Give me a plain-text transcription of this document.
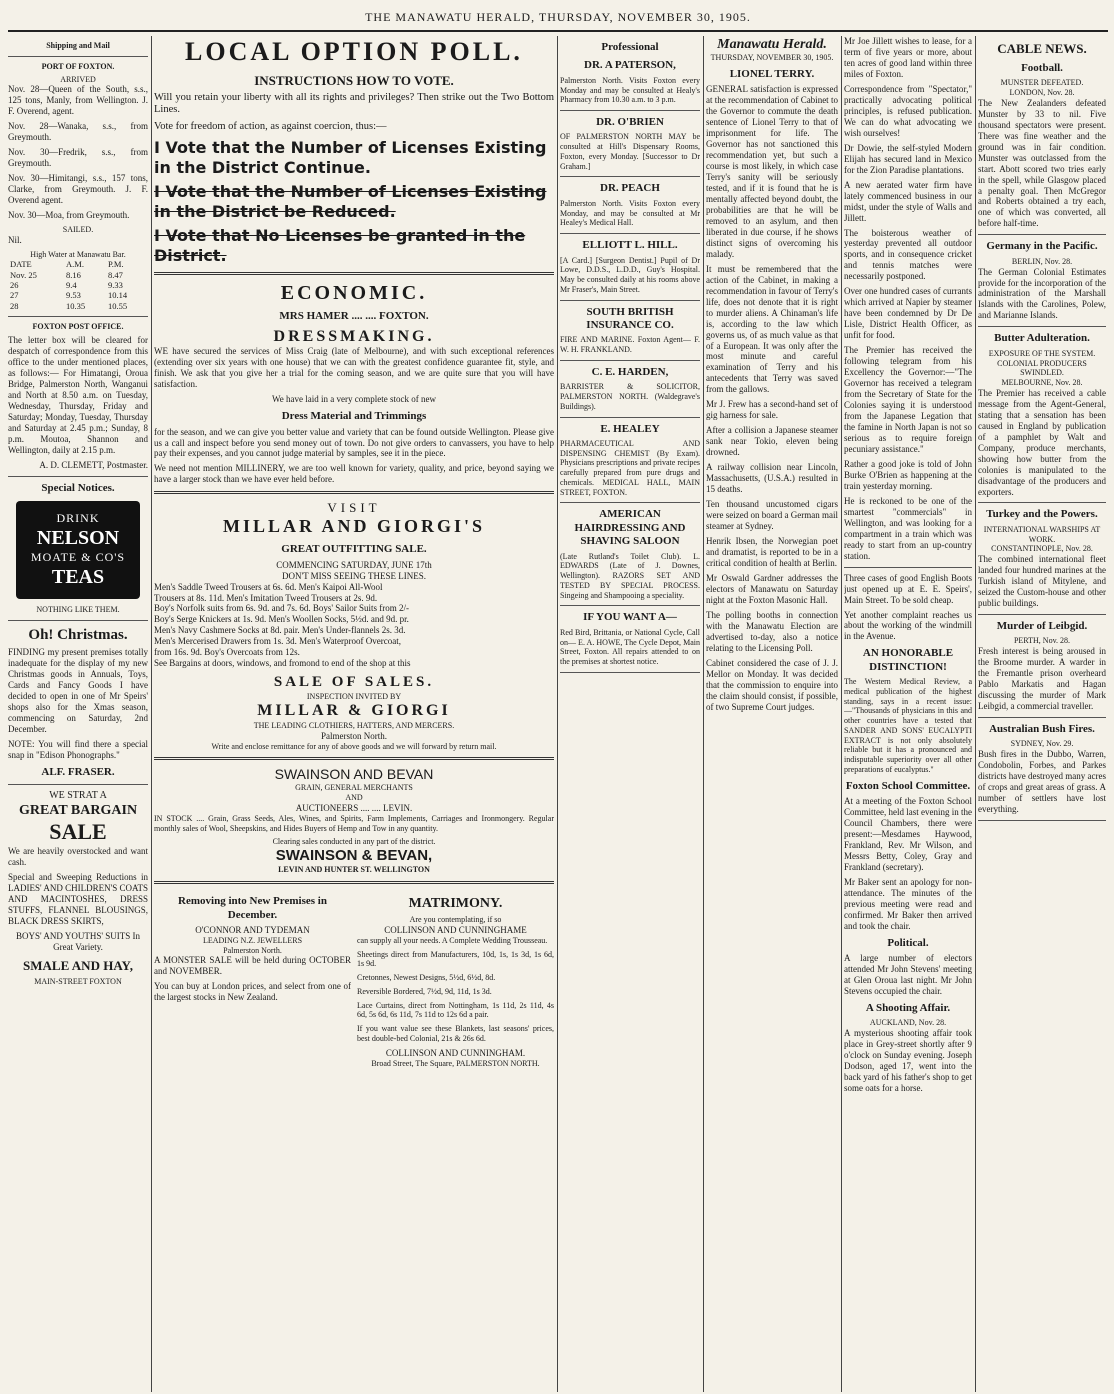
THE MANAWATU HERALD, THURSDAY, NOVEMBER 30, 1905.
Shipping and Mail
PORT OF FOXTON.
ARRIVED

Nov. 28—Queen of the South, s.s., 125 tons, Manly, from Wellington. J. F. Overend, agent.

Nov. 28—Wanaka, s.s., from Greymouth.

Nov. 30—Fredrik, s.s., from Greymouth.

Nov. 30—Himitangi, s.s., 157 tons, Clarke, from Greymouth. J. F. Overend agent.

Nov. 30—Moa, from Greymouth.

SAILED.

Nil.

High Water at Manawatu Bar.
DATE	A.M.	P.M.
Nov. 25	8.16	8.47
26	9.4	9.33
27	9.53	10.14
28	10.35	10.55
FOXTON POST OFFICE.

The letter box will be cleared for despatch of correspondence from this office to the under mentioned places, as follows:— For Himatangi, Oroua Bridge, Palmerston North, Wanganui and North at 8.50 a.m. on Tuesday, Wednesday, Thursday, Friday and Saturday; Monday, Tuesday, Thursday and Saturday at 2.45 p.m.; Sunday, 8 p.m. Moutoa, Shannon and Wellington, daily at 2.15 p.m.

A. D. CLEMETT, Postmaster.

Special Notices.
DRINK
NELSON
MOATE & CO'S
TEAS
NOTHING LIKE THEM.
Oh! Christmas.

FINDING my present premises totally inadequate for the display of my new Christmas goods in Annuals, Toys, Cards and Fancy Goods I have decided to open in one of Mr Speirs' shops also for the Xmas season, commencing on Saturday, 2nd December.

NOTE: You will find there a special snap in "Edison Phonographs."

ALF. FRASER.
WE STRAT A
GREAT BARGAIN
SALE

We are heavily overstocked and want cash.

Special and Sweeping Reductions in LADIES' AND CHILDREN'S COATS AND MACINTOSHES, DRESS STUFFS, FLANNEL BLOUSINGS, BLACK DRESS SKIRTS,

BOYS' AND YOUTHS' SUITS In Great Variety.

SMALE AND HAY,
MAIN-STREET FOXTON
LOCAL OPTION POLL.
INSTRUCTIONS HOW TO VOTE.

Will you retain your liberty with all its rights and privileges? Then strike out the Two Bottom Lines.

Vote for freedom of action, as against coercion, thus:—

I Vote that the Number of Licenses Existing in the District Continue.
I Vote that the Number of Licenses Existing in the District be Reduced.
I Vote that No Licenses be granted in the District.
ECONOMIC.
MRS HAMER .... .... FOXTON.
DRESSMAKING.

WE have secured the services of Miss Craig (late of Melbourne), and with such exceptional references (extending over six years with one house) that we can with the greatest confidence guarantee fit, style, and finish. We ask that you give her a trial for the coming season, and we are quite sure that you will have satisfaction.

We have laid in a very complete stock of new

Dress Material and Trimmings

for the season, and we can give you better value and variety that can be found outside Wellington. Please give us a call and inspect before you send money out of town. Do not give orders to canvassers, you have to help pay their expenses, and you cannot judge material by samples, see it in the piece.

We need not mention MILLINERY, we are too well known for variety, quality, and price, beyond saying we have a larger stock than we have ever held before.

VISIT
MILLAR AND GIORGI'S
GREAT OUTFITTING SALE.
COMMENCING SATURDAY, JUNE 17th
DON'T MISS SEEING THESE LINES.
Men's Saddle Tweed Trousers at 6s. 6d. Men's Kaipoi All-Wool
Trousers at 8s. 11d. Men's Imitation Tweed Trousers at 2s. 9d.
Boy's Norfolk suits from 6s. 9d. and 7s. 6d. Boys' Sailor Suits from 2/-
Boy's Serge Knickers at 1s. 9d. Men's Woollen Socks, 5½d. and 9d. pr.
Men's Navy Cashmere Socks at 8d. pair. Men's Under-flannels 2s. 3d.
Men's Mercerised Drawers from 1s. 3d. Men's Waterproof Overcoat,
from 16s. 9d. Boy's Overcoats from 12s.

See Bargains at doors, windows, and fromond to end of the shop at this

SALE OF SALES.
INSPECTION INVITED BY
MILLAR & GIORGI
THE LEADING CLOTHIERS, HATTERS, AND MERCERS.
Palmerston North.

Write and enclose remittance for any of above goods and we will forward by return mail.

SWAINSON AND BEVAN
GRAIN, GENERAL MERCHANTS
AND
AUCTIONEERS .... .... LEVIN.

IN STOCK .... Grain, Grass Seeds, Ales, Wines, and Spirits, Farm Implements, Carriages and Ironmongery. Regular monthly sales of Wool, Sheepskins, and Hides Buyers of Hemp and Tow in any quantity.

Clearing sales conducted in any part of the district.
SWAINSON & BEVAN,
LEVIN AND HUNTER ST. WELLINGTON
Removing into New Premises in December.
O'CONNOR AND TYDEMAN
LEADING N.Z. JEWELLERS
Palmerston North.

A MONSTER SALE will be held during OCTOBER and NOVEMBER.

You can buy at London prices, and select from one of the largest stocks in New Zealand.

MATRIMONY.
Are you contemplating, if so
COLLINSON AND CUNNINGHAME

can supply all your needs. A Complete Wedding Trousseau.

Sheetings direct from Manufacturers, 10d, 1s, 1s 3d, 1s 6d, 1s 9d.

Cretonnes, Newest Designs, 5½d, 6½d, 8d.

Reversible Bordered, 7½d, 9d, 11d, 1s 3d.

Lace Curtains, direct from Nottingham, 1s 11d, 2s 11d, 4s 6d, 5s 6d, 6s 11d, 7s 11d to 12s 6d a pair.

If you want value see these Blankets, last seasons' prices, best double-bed Colonial, 21s & 26s 6d.

COLLINSON AND CUNNINGHAM.
Broad Street, The Square, PALMERSTON NORTH.
Professional
DR. A PATERSON,

Palmerston North. Visits Foxton every Monday and may be consulted at Healy's Pharmacy from 10.30 a.m. to 3 p.m.

DR. O'BRIEN

OF PALMERSTON NORTH MAY be consulted at Hill's Dispensary Rooms, Foxton, every Monday. [Successor to Dr Graham.]

DR. PEACH

Palmerston North. Visits Foxton every Monday, and may be consulted at Mr Healey's Medical Hall.

ELLIOTT L. HILL.

[A Card.] [Surgeon Dentist.] Pupil of Dr Lowe, D.D.S., L.D.D., Guy's Hospital. May be consulted daily at his rooms above Mr Fraser's, Main Street.

SOUTH BRITISH INSURANCE CO.

FIRE AND MARINE. Foxton Agent— F. W. H. FRANKLAND.

C. E. HARDEN,

BARRISTER & SOLICITOR, PALMERSTON NORTH. (Waldegrave's Buildings).

E. HEALEY

PHARMACEUTICAL AND DISPENSING CHEMIST (By Exam). Physicians prescriptions and private recipes carefully prepared from pure drugs and chemicals. MEDICAL HALL, MAIN STREET, FOXTON.

AMERICAN HAIRDRESSING AND SHAVING SALOON

(Late Rutland's Toilet Club). L. EDWARDS (Late of J. Downes, Wellington). RAZORS SET AND TESTED BY SPECIAL PROCESS. Singeing and Shampooing a speciality.

IF YOU WANT A—

Red Bird, Brittania, or National Cycle, Call on— E. A. HOWE, The Cycle Depot, Main Street, Foxton. All repairs attended to on the premises at shortest notice.

Manawatu Herald.
THURSDAY, NOVEMBER 30, 1905.
LIONEL TERRY.

GENERAL satisfaction is expressed at the recommendation of Cabinet to the Governor to commute the death sentence of Lionel Terry to that of imprisonment for life. The Governor has not sanctioned this recommendation yet, but such a course is most likely, in which case Terry's sanity will be seriously tested, and if it is found that he is mentally affected beyond doubt, the probabilities are that he will be removed to an asylum, and then liberated in due course, if he shows distinct signs of overcoming his malady.

It must be remembered that the action of the Cabinet, in making a recommendation in favour of Terry's life, does not denote that it is right to murder aliens. A Chinaman's life is, according to the law which governs us, of as much value as that of a European. It was only after the most minute and careful examination of Terry and his antecedents that Terry was saved from the gallows.

Mr J. Frew has a second-hand set of gig harness for sale.

After a collision a Japanese steamer sank near Tokio, eleven being drowned.

A railway collision near Lincoln, Massachusetts, (U.S.A.) resulted in 15 deaths.

Ten thousand uncustomed cigars were seized on board a German mail steamer at Sydney.

Henrik Ibsen, the Norwegian poet and dramatist, is reported to be in a critical condition of health at Berlin.

Mr Oswald Gardner addresses the electors of Manawatu on Saturday night at the Foxton Masonic Hall.

The polling booths in connection with the Manawatu Election are advertised to-day, also a notice relating to the Licensing Poll.

Cabinet considered the case of J. J. Mellor on Monday. It was decided that the commission to enquire into the claim should consist, if possible, of two Supreme Court judges.

Mr Joe Jillett wishes to lease, for a term of five years or more, about ten acres of good land within three miles of Foxton.

Correspondence from "Spectator," practically advocating political principles, is refused publication. We can do what advocating we wish ourselves!

Dr Dowie, the self-styled Modern Elijah has secured land in Mexico for the Zion Paradise plantations.

A new aerated water firm have lately commenced business in our midst, under the style of Walls and Jillett.

The boisterous weather of yesterday prevented all outdoor sports, and in consequence cricket and tennis matches were necessarily postponed.

Over one hundred cases of currants which arrived at Napier by steamer have been condemned by Dr De Lisle, District Health Officer, as unfit for food.

The Premier has received the following telegram from his Excellency the Governor:—"The Governor has received a telegram from the Secretary of State for the Colonies saying it is understood from the Japanese Legation that the famine in North Japan is not so serious as to require foreign pecuniary assistance."

Rather a good joke is told of John Burke O'Brien as happening at the train yesterday morning.

He is reckoned to be one of the smartest "commercials" in Wellington, and was looking for a compartment in a train which was ready to start from an up-country station.

Three cases of good English Boots just opened up at E. E. Speirs', Main Street. To be sold cheap.

Yet another complaint reaches us about the working of the windmill in the Avenue.

AN HONORABLE DISTINCTION!

The Western Medical Review, a medical publication of the highest standing, says in a recent issue:—"Thousands of physicians in this and other countries have a tested that SANDER AND SONS' EUCALYPTI EXTRACT is not only absolutely reliable but it has a pronounced and indisputable superiority over all other preparations of eucalyptus."

Foxton School Committee.

At a meeting of the Foxton School Committee, held last evening in the Council Chambers, there were present:—Mesdames Haywood, Frankland, Rev. Mr Wilson, and Messrs Betty, Coley, Gray and Frankland (secretary).

Mr Baker sent an apology for non-attendance. The minutes of the previous meeting were read and confirmed. Mr Baker then arrived and took the chair.

Political.

A large number of electors attended Mr John Stevens' meeting at Glen Oroua last night. Mr John Stevens occupied the chair.

A Shooting Affair.
AUCKLAND, Nov. 28.

A mysterious shooting affair took place in Grey-street shortly after 9 o'clock on Sunday evening. Joseph Dodson, aged 17, went into the back yard of his father's shop to get some oats for a horse.

CABLE NEWS.
Football.
MUNSTER DEFEATED.
LONDON, Nov. 28.

The New Zealanders defeated Munster by 33 to nil. Five thousand spectators were present. There was fine weather and the ground was in fair condition. Munster was outclassed from the start. Abott scored two tries early in the spell, while Glasgow placed a penalty goal. Then McGregor and Roberts obtained a try each, one of which was converted, all before half-time.

Germany in the Pacific.
BERLIN, Nov. 28.

The German Colonial Estimates provide for the incorporation of the administration of the Marshall Islands with the Carolines, Polew, and Marianne Islands.

Butter Adulteration.
EXPOSURE OF THE SYSTEM. COLONIAL PRODUCERS SWINDLED.
MELBOURNE, Nov. 28.

The Premier has received a cable message from the Agent-General, stating that a sensation has been caused in England by publication of a pamphlet by Walt and Company, produce merchants, showing how butter from the colonies is manipulated to the disadvantage of the producers and exporters.

Turkey and the Powers.
INTERNATIONAL WARSHIPS AT WORK.
CONSTANTINOPLE, Nov. 28.

The combined international fleet landed four hundred marines at the Turkish island of Mitylene, and seized the Custom-house and other public buildings.

Murder of Leibgid.
PERTH, Nov. 28.

Fresh interest is being aroused in the Broome murder. A warder in the Fremantle prison overheard Pablo Markatis and Hagan discussing the murder of Mark Leibgid, a commercial traveller.

Australian Bush Fires.
SYDNEY, Nov. 29.

Bush fires in the Dubbo, Warren, Condobolin, Forbes, and Parkes districts have destroyed many acres of crops and great areas of grass. A number of settlers have lost everything.
